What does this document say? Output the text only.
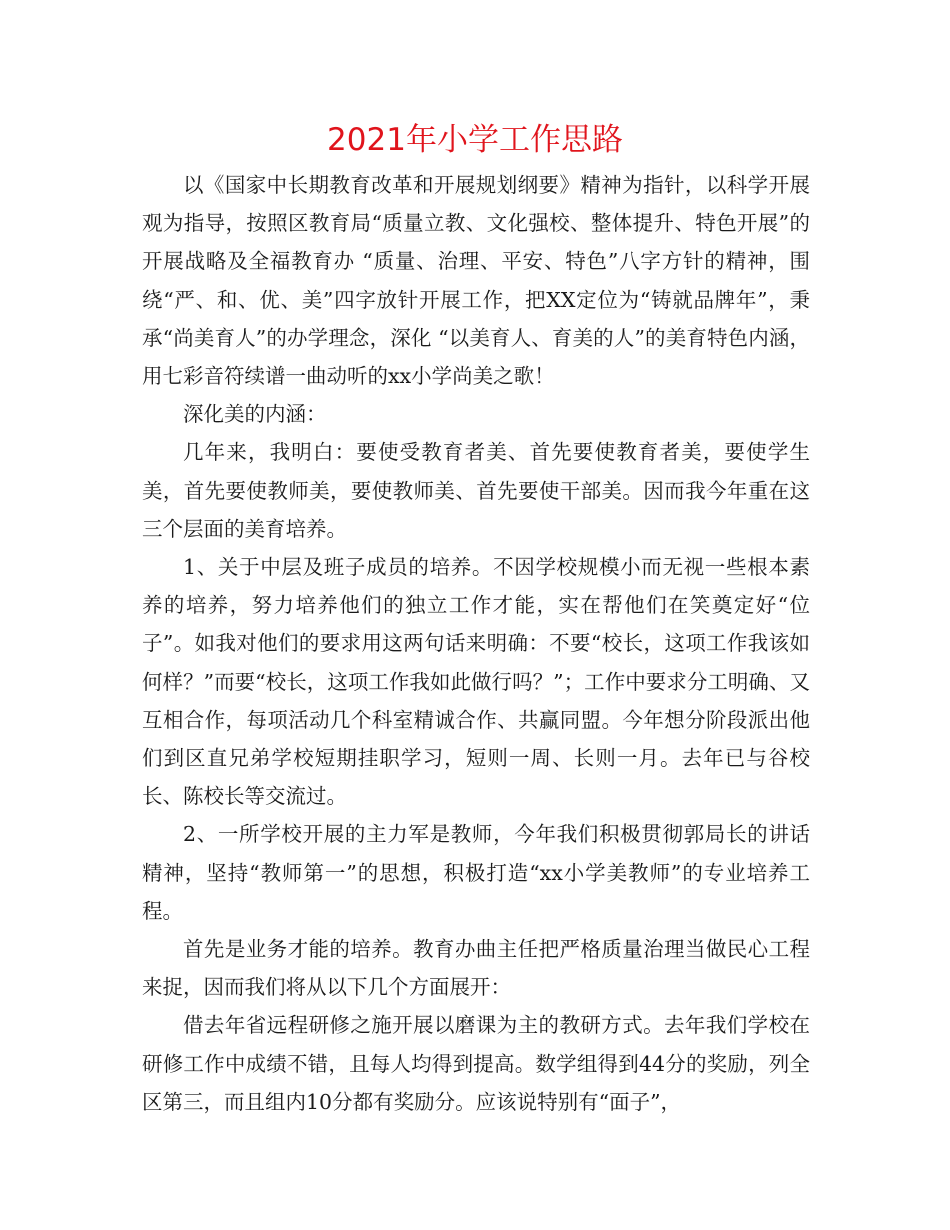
2021年小学工作思路

以《国家中长期教育改革和开展规划纲要》精神为指针，以科学开展观为指导，按照区教育局“质量立教、文化强校、整体提升、特色开展”的开展战略及全福教育办 “质量、治理、平安、特色”八字方针的精神，围绕“严、和、优、美”四字放针开展工作，把XX定位为“铸就品牌年”，秉承“尚美育人”的办学理念，深化 “以美育人、育美的人”的美育特色内涵，用七彩音符续谱一曲动听的xx小学尚美之歌！

深化美的内涵：

几年来，我明白：要使受教育者美、首先要使教育者美，要使学生美，首先要使教师美，要使教师美、首先要使干部美。因而我今年重在这三个层面的美育培养。

1、关于中层及班子成员的培养。不因学校规模小而无视一些根本素养的培养，努力培养他们的独立工作才能，实在帮他们在笑奠定好“位子”。如我对他们的要求用这两句话来明确：不要“校长，这项工作我该如何样？”而要“校长，这项工作我如此做行吗？”；工作中要求分工明确、又互相合作，每项活动几个科室精诚合作、共赢同盟。今年想分阶段派出他们到区直兄弟学校短期挂职学习，短则一周、长则一月。去年已与谷校长、陈校长等交流过。

2、一所学校开展的主力军是教师，今年我们积极贯彻郭局长的讲话精神，坚持“教师第一”的思想，积极打造“xx小学美教师”的专业培养工程。

首先是业务才能的培养。教育办曲主任把严格质量治理当做民心工程来捉，因而我们将从以下几个方面展开：

借去年省远程研修之施开展以磨课为主的教研方式。去年我们学校在研修工作中成绩不错，且每人均得到提高。数学组得到44分的奖励，列全区第三，而且组内10分都有奖励分。应该说特别有“面子”，
